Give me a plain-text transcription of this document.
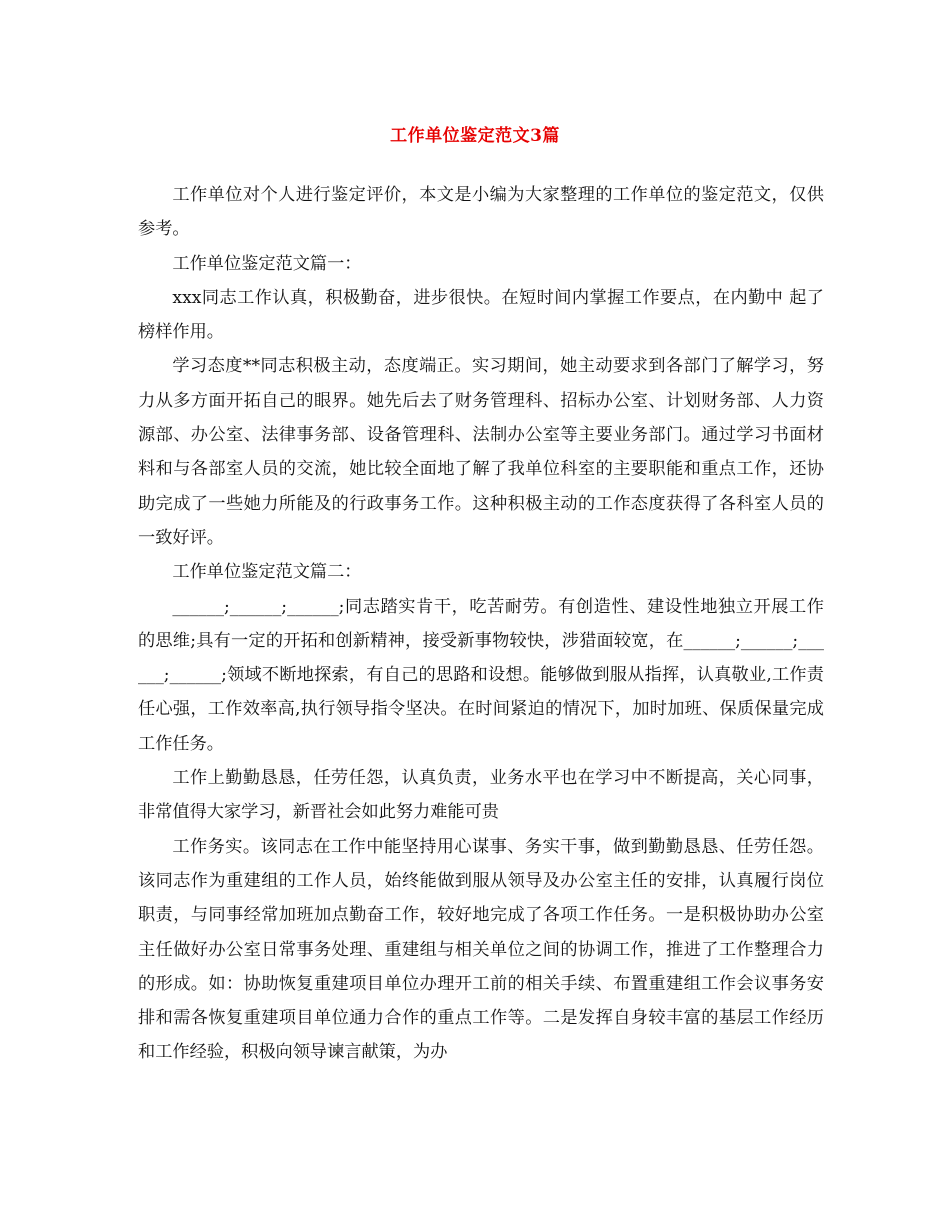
工作单位鉴定范文3篇

工作单位对个人进行鉴定评价，本文是小编为大家整理的工作单位的鉴定范文，仅供参考。

工作单位鉴定范文篇一：

xxx同志工作认真，积极勤奋，进步很快。在短时间内掌握工作要点，在内勤中 起了榜样作用。

学习态度**同志积极主动，态度端正。实习期间，她主动要求到各部门了解学习，努力从多方面开拓自己的眼界。她先后去了财务管理科、招标办公室、计划财务部、人力资源部、办公室、法律事务部、设备管理科、法制办公室等主要业务部门。通过学习书面材料和与各部室人员的交流，她比较全面地了解了我单位科室的主要职能和重点工作，还协助完成了一些她力所能及的行政事务工作。这种积极主动的工作态度获得了各科室人员的一致好评。

工作单位鉴定范文篇二：

______;______;______;同志踏实肯干，吃苦耐劳。有创造性、建设性地独立开展工作的思维;具有一定的开拓和创新精神，接受新事物较快，涉猎面较宽，在______;______;______;______;领域不断地探索，有自己的思路和设想。能够做到服从指挥，认真敬业,工作责任心强，工作效率高,执行领导指令坚决。在时间紧迫的情况下，加时加班、保质保量完成工作任务。

工作上勤勤恳恳，任劳任怨，认真负责，业务水平也在学习中不断提高，关心同事，非常值得大家学习，新晋社会如此努力难能可贵

工作务实。该同志在工作中能坚持用心谋事、务实干事，做到勤勤恳恳、任劳任怨。该同志作为重建组的工作人员，始终能做到服从领导及办公室主任的安排，认真履行岗位职责，与同事经常加班加点勤奋工作，较好地完成了各项工作任务。一是积极协助办公室主任做好办公室日常事务处理、重建组与相关单位之间的协调工作，推进了工作整理合力的形成。如：协助恢复重建项目单位办理开工前的相关手续、布置重建组工作会议事务安排和需各恢复重建项目单位通力合作的重点工作等。二是发挥自身较丰富的基层工作经历和工作经验，积极向领导谏言献策，为办
